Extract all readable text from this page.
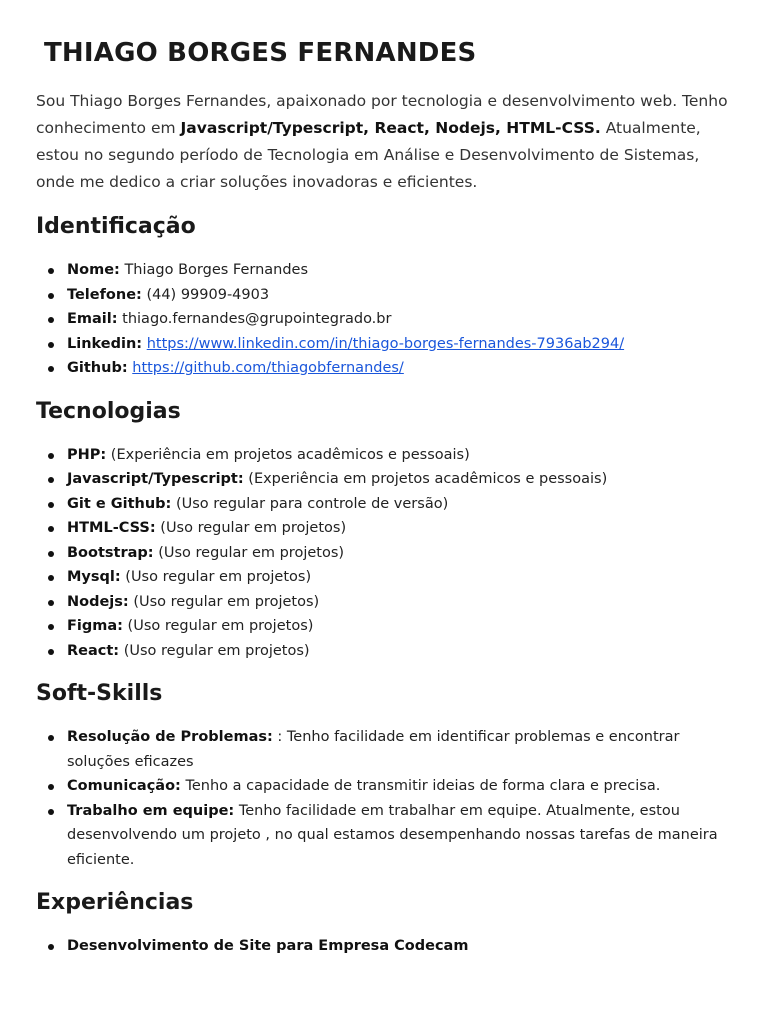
THIAGO BORGES FERNANDES

Sou Thiago Borges Fernandes, apaixonado por tecnologia e desenvolvimento web. Tenho conhecimento em Javascript/Typescript, React, Nodejs, HTML-CSS. Atualmente, estou no segundo período de Tecnologia em Análise e Desenvolvimento de Sistemas, onde me dedico a criar soluções inovadoras e eficientes.

Identificação
Nome: Thiago Borges Fernandes
Telefone: (44) 99909-4903
Email: thiago.fernandes@grupointegrado.br
Linkedin: https://www.linkedin.com/in/thiago-borges-fernandes-7936ab294/
Github: https://github.com/thiagobfernandes/
Tecnologias
PHP: (Experiência em projetos acadêmicos e pessoais)
Javascript/Typescript: (Experiência em projetos acadêmicos e pessoais)
Git e Github: (Uso regular para controle de versão)
HTML-CSS: (Uso regular em projetos)
Bootstrap: (Uso regular em projetos)
Mysql: (Uso regular em projetos)
Nodejs: (Uso regular em projetos)
Figma: (Uso regular em projetos)
React: (Uso regular em projetos)
Soft-Skills
Resolução de Problemas: : Tenho facilidade em identificar problemas e encontrar soluções eficazes
Comunicação: Tenho a capacidade de transmitir ideias de forma clara e precisa.
Trabalho em equipe: Tenho facilidade em trabalhar em equipe. Atualmente, estou desenvolvendo um projeto , no qual estamos desempenhando nossas tarefas de maneira eficiente.
Experiências
Desenvolvimento de Site para Empresa Codecam
